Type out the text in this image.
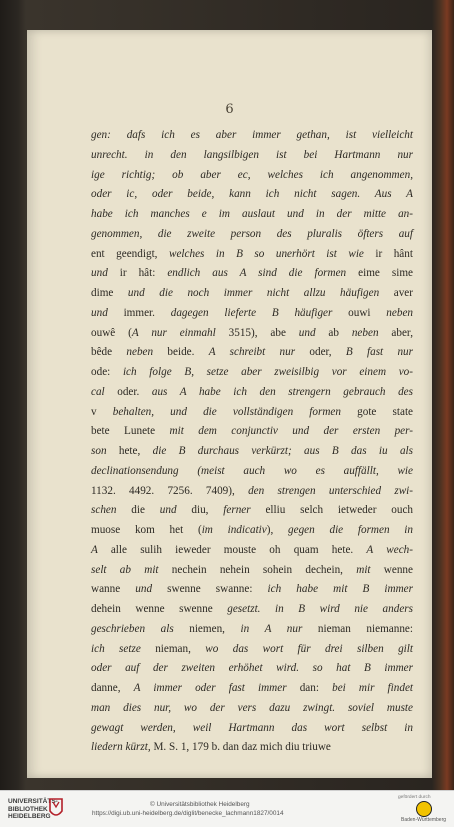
6
gen: dafs ich es aber immer gethan, ist vielleicht
unrecht. in den langsilbigen ist bei Hartmann nur
ige richtig; ob aber ec, welches ich angenommen,
oder ic, oder beide, kann ich nicht sagen. Aus A
habe ich manches e im auslaut und in der mitte an-
genommen, die zweite person des pluralis öfters auf
ent geendigt, welches in B so unerhört ist wie ir hânt
und ir hât: endlich aus A sind die formen eime sime
dime und die noch immer nicht allzu häufigen aver
und immer. dagegen lieferte B häufiger ouwi neben
ouwê (A nur einmahl 3515), abe und ab neben aber,
bêde neben beide. A schreibt nur oder, B fast nur
ode: ich folge B, setze aber zweisilbig vor einem vo-
cal oder. aus A habe ich den strengern gebrauch des
v behalten, und die vollständigen formen gote state
bete Lunete mit dem conjunctiv und der ersten per-
son hete, die B durchaus verkürzt; aus B das iu als
declinationsendung (meist auch wo es auffällt, wie
1132. 4492. 7256. 7409), den strengen unterschied zwi-
schen die und diu, ferner elliu selch ietweder ouch
muose kom het (im indicativ), gegen die formen in
A alle sulih ieweder mouste oh quam hete. A wech-
selt ab mit nechein nehein sohein dechein, mit wenne
wanne und swenne swanne: ich habe mit B immer
dehein wenne swenne gesetzt. in B wird nie anders
geschrieben als niemen, in A nur nieman niemanne:
ich setze nieman, wo das wort für drei silben gilt
oder auf der zweiten erhöhet wird. so hat B immer
danne, A immer oder fast immer dan: bei mir findet
man dies nur, wo der vers dazu zwingt. soviel muste
gewagt werden, weil Hartmann das wort selbst in
liedern kürzt, M. S. 1, 179 b. dan daz mich diu triuwe
UNIVERSITÄTS-
BIBLIOTHEK
HEIDELBERG
© Universitätsbibliothek Heidelberg
https://digi.ub.uni-heidelberg.de/diglit/benecke_lachmann1827/0014
gefördert durch
Baden-Württemberg
